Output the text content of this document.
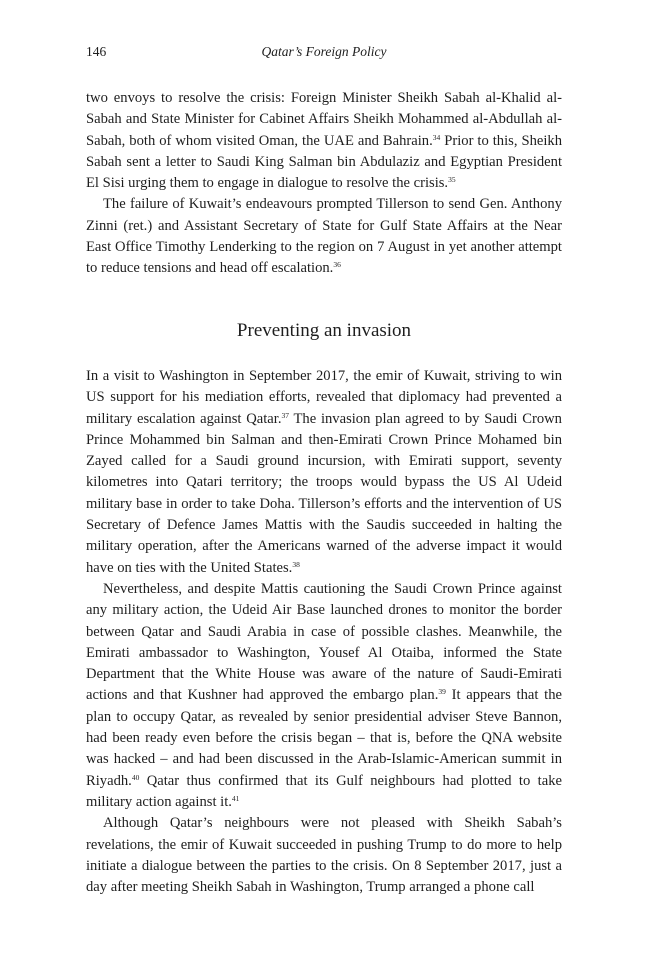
146	Qatar’s Foreign Policy

two envoys to resolve the crisis: Foreign Minister Sheikh Sabah al-Khalid al-Sabah and State Minister for Cabinet Affairs Sheikh Mohammed al-Abdullah al-Sabah, both of whom visited Oman, the UAE and Bahrain.$^{34}$ Prior to this, Sheikh Sabah sent a letter to Saudi King Salman bin Abdulaziz and Egyptian President El Sisi urging them to engage in dialogue to resolve the crisis.$^{35}$

The failure of Kuwait’s endeavours prompted Tillerson to send Gen. Anthony Zinni (ret.) and Assistant Secretary of State for Gulf State Affairs at the Near East Office Timothy Lenderking to the region on 7 August in yet another attempt to reduce tensions and head off escalation.$^{36}$

Preventing an invasion

In a visit to Washington in September 2017, the emir of Kuwait, striving to win US support for his mediation efforts, revealed that diplomacy had prevented a military escalation against Qatar.$^{37}$ The invasion plan agreed to by Saudi Crown Prince Mohammed bin Salman and then-Emirati Crown Prince Mohamed bin Zayed called for a Saudi ground incursion, with Emirati support, seventy kilometres into Qatari territory; the troops would bypass the US Al Udeid military base in order to take Doha. Tillerson’s efforts and the intervention of US Secretary of Defence James Mattis with the Saudis succeeded in halting the military operation, after the Americans warned of the adverse impact it would have on ties with the United States.$^{38}$

Nevertheless, and despite Mattis cautioning the Saudi Crown Prince against any military action, the Udeid Air Base launched drones to monitor the border between Qatar and Saudi Arabia in case of possible clashes. Meanwhile, the Emirati ambassador to Washington, Yousef Al Otaiba, informed the State Department that the White House was aware of the nature of Saudi-Emirati actions and that Kushner had approved the embargo plan.$^{39}$ It appears that the plan to occupy Qatar, as revealed by senior presidential adviser Steve Bannon, had been ready even before the crisis began – that is, before the QNA website was hacked – and had been discussed in the Arab-Islamic-American summit in Riyadh.$^{40}$ Qatar thus confirmed that its Gulf neighbours had plotted to take military action against it.$^{41}$

Although Qatar’s neighbours were not pleased with Sheikh Sabah’s revelations, the emir of Kuwait succeeded in pushing Trump to do more to help initiate a dialogue between the parties to the crisis. On 8 September 2017, just a day after meeting Sheikh Sabah in Washington, Trump arranged a phone call
